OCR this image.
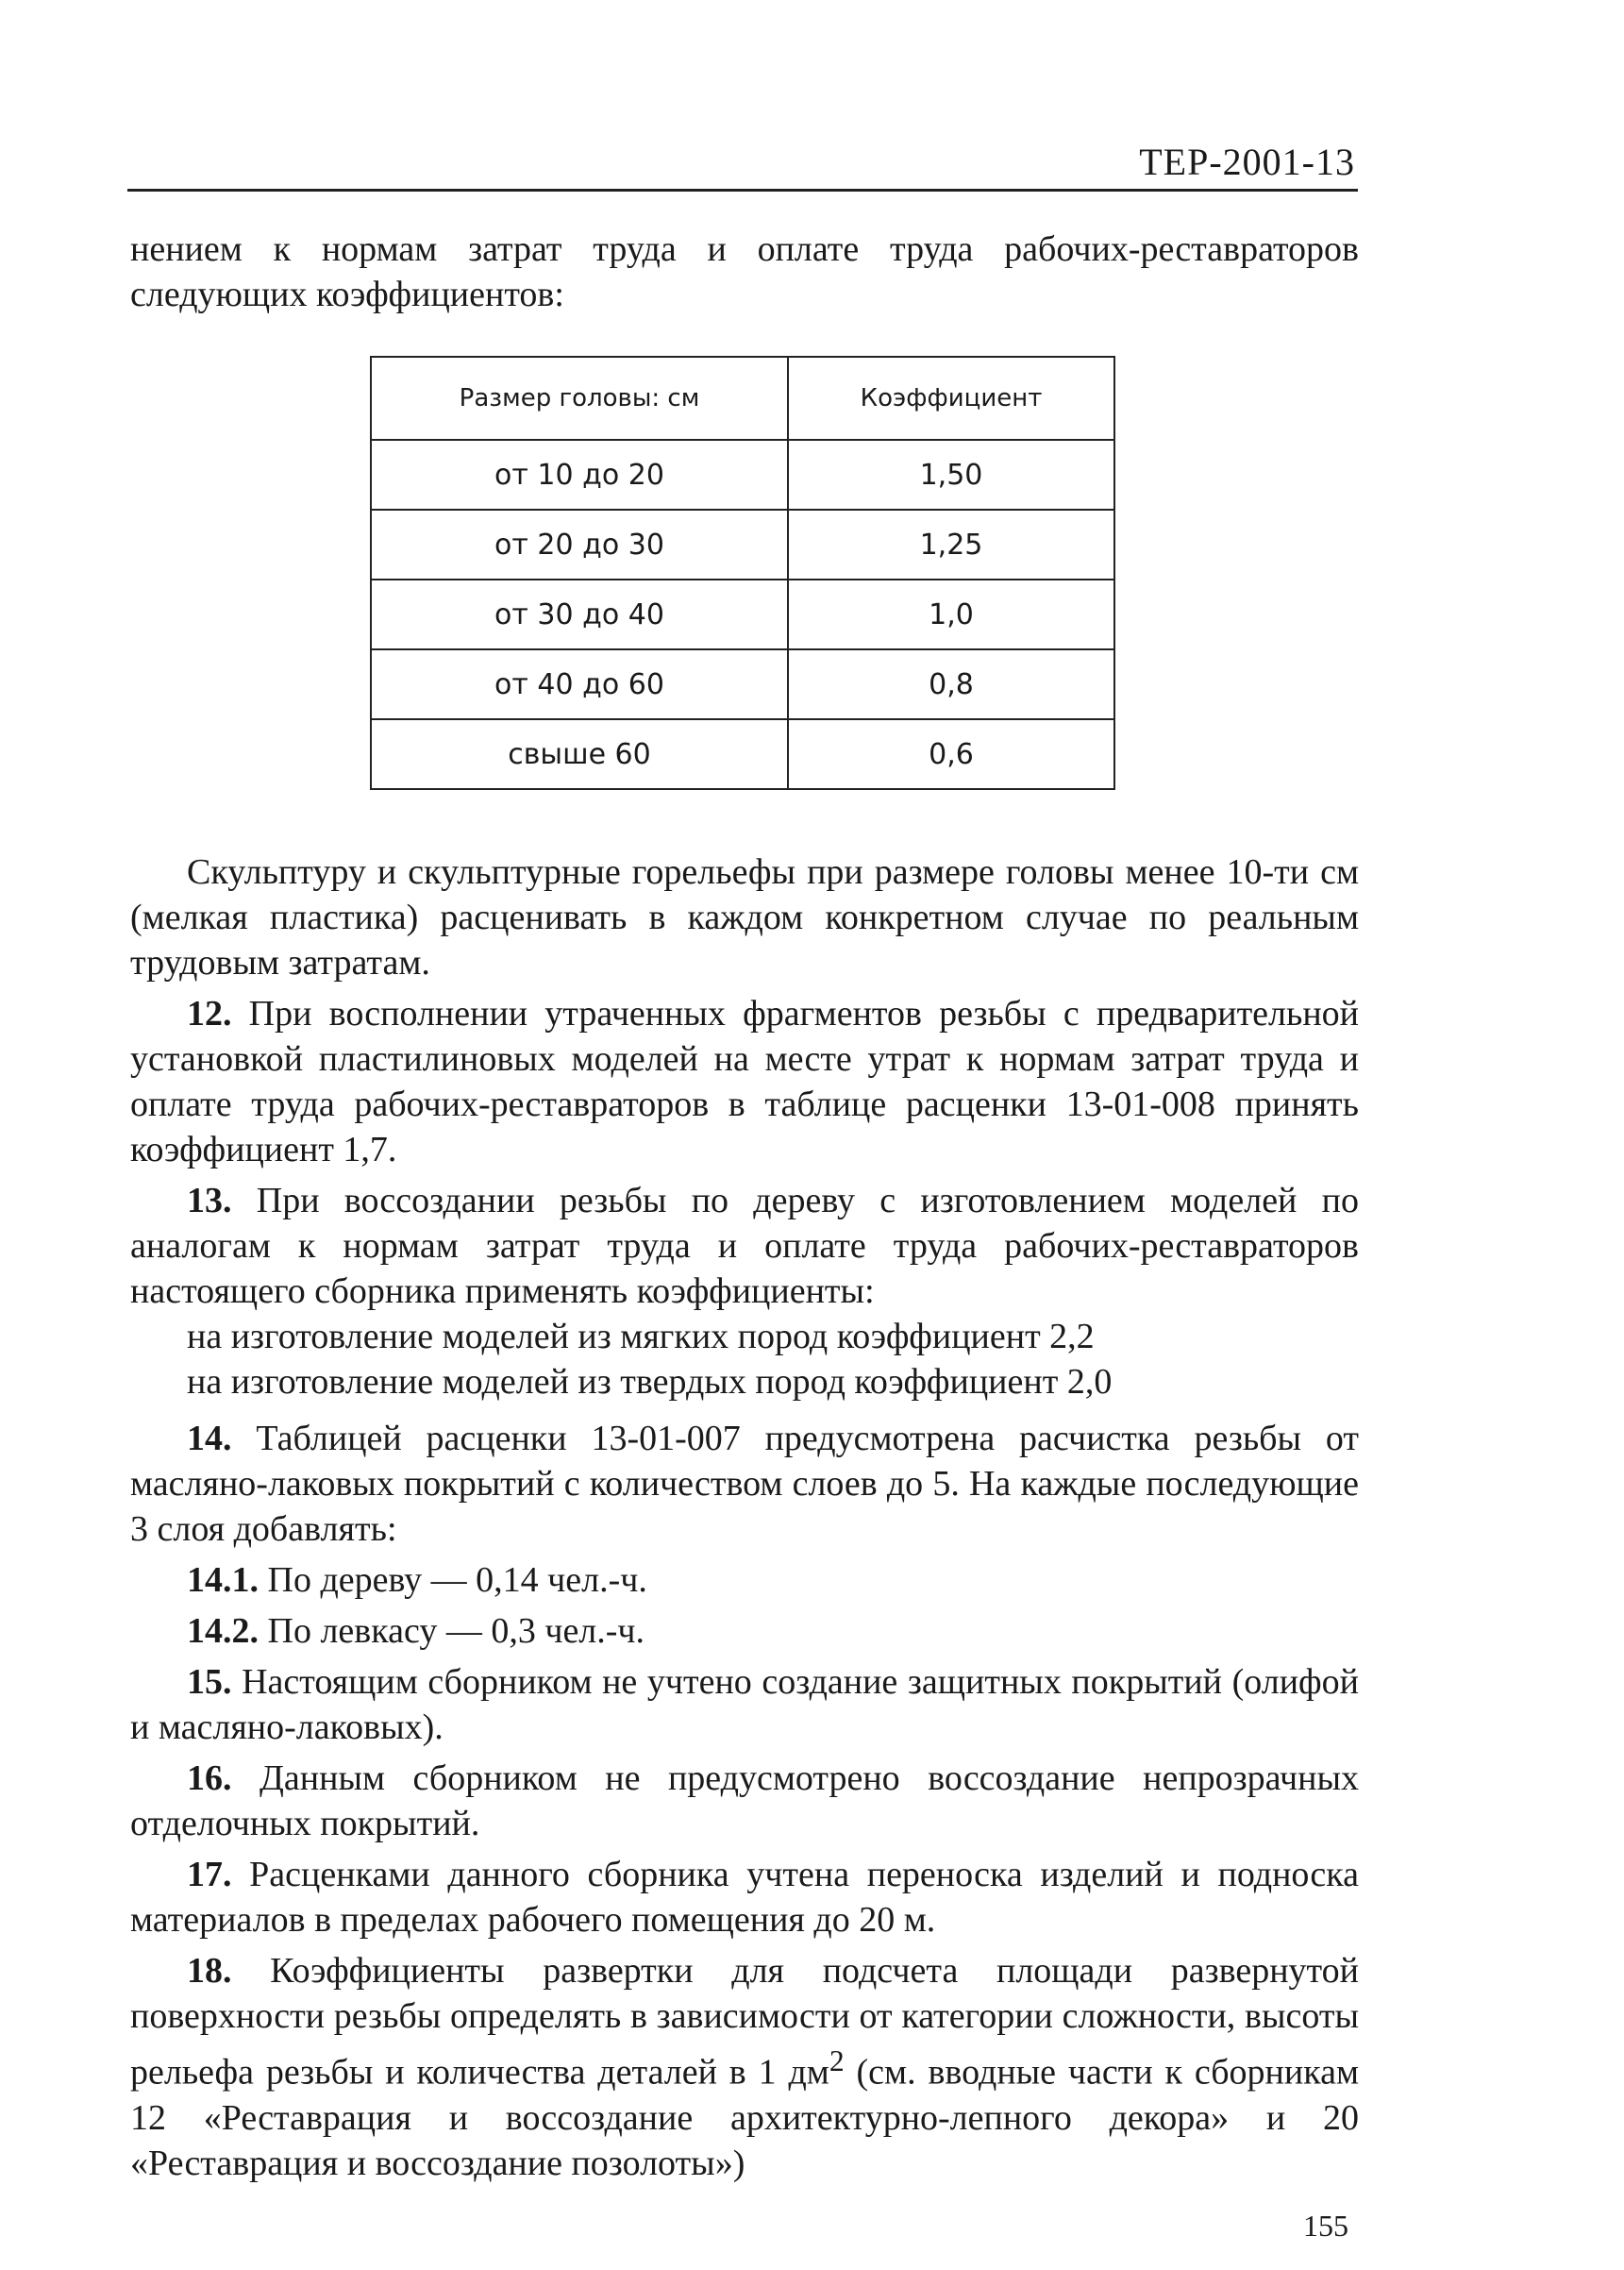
ТЕР-2001-13

нением к нормам затрат труда и оплате труда рабочих-реставраторов следующих коэффициентов:

Размер головы: см	Коэффициент
от 10 до 20	1,50
от 20 до 30	1,25
от 30 до 40	1,0
от 40 до 60	0,8
свыше 60	0,6

Скульптуру и скульптурные горельефы при размере головы менее 10-ти см (мелкая пластика) расценивать в каждом конкретном случае по реальным трудовым затратам.

12. При восполнении утраченных фрагментов резьбы с предварительной установкой пластилиновых моделей на месте утрат к нормам затрат труда и оплате труда рабочих-реставраторов в таблице расценки 13-01-008 принять коэффициент 1,7.

13. При воссоздании резьбы по дереву с изготовлением моделей по аналогам к нормам затрат труда и оплате труда рабочих-реставраторов настоящего сборника применять коэффициенты:

на изготовление моделей из мягких пород коэффициент 2,2

на изготовление моделей из твердых пород коэффициент 2,0

14. Таблицей расценки 13-01-007 предусмотрена расчистка резьбы от масляно-лаковых покрытий с количеством слоев до 5. На каждые последующие 3 слоя добавлять:

14.1. По дереву — 0,14 чел.-ч.

14.2. По левкасу — 0,3 чел.-ч.

15. Настоящим сборником не учтено создание защитных покрытий (олифой и масляно-лаковых).

16. Данным сборником не предусмотрено воссоздание непрозрачных отделочных покрытий.

17. Расценками данного сборника учтена переноска изделий и подноска материалов в пределах рабочего помещения до 20 м.

18. Коэффициенты развертки для подсчета площади развернутой поверхности резьбы определять в зависимости от категории сложности, высоты рельефа резьбы и количества деталей в 1 $дм^2$ (см. вводные части к сборникам 12 «Реставрация и воссоздание архитектурно-лепного декора» и 20 «Реставрация и воссоздание позолоты»)

155
